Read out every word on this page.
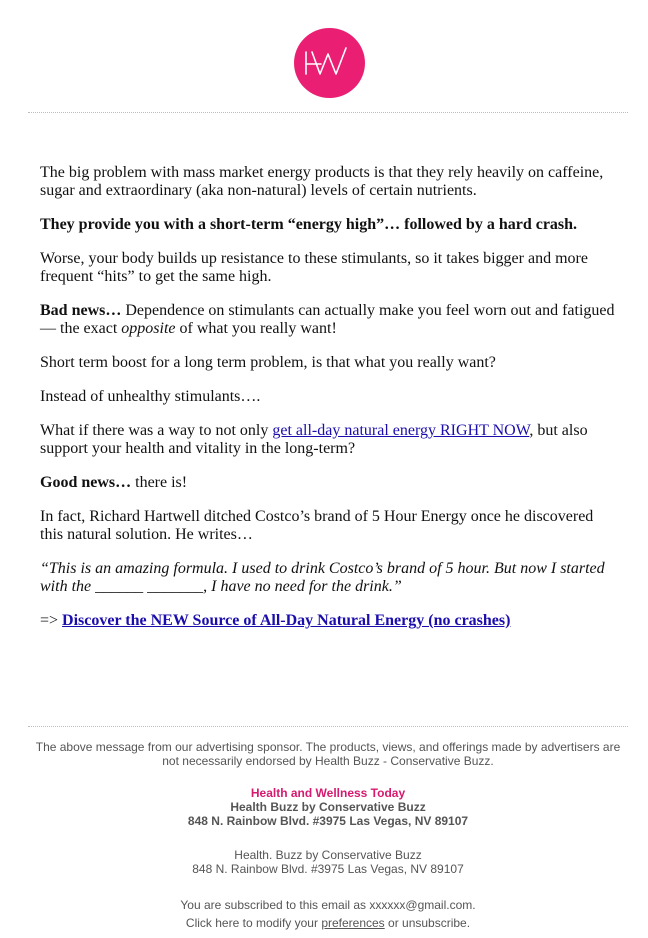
The big problem with mass market energy products is that they rely heavily on caffeine, sugar and extraordinary (aka non-natural) levels of certain nutrients.

They provide you with a short-term “energy high”… followed by a hard crash.

Worse, your body builds up resistance to these stimulants, so it takes bigger and more frequent “hits” to get the same high.

Bad news… Dependence on stimulants can actually make you feel worn out and fatigued — the exact opposite of what you really want!

Short term boost for a long term problem, is that what you really want?

Instead of unhealthy stimulants….

What if there was a way to not only get all-day natural energy RIGHT NOW, but also support your health and vitality in the long-term?

Good news… there is!

In fact, Richard Hartwell ditched Costco’s brand of 5 Hour Energy once he discovered this natural solution. He writes…

“This is an amazing formula. I used to drink Costco’s brand of 5 hour. But now I started with the ______ _______, I have no need for the drink.”

=> Discover the NEW Source of All-Day Natural Energy (no crashes)

The above message from our advertising sponsor. The products, views, and offerings made by advertisers are not necessarily endorsed by Health Buzz - Conservative Buzz.
Health and Wellness Today
Health Buzz by Conservative Buzz
848 N. Rainbow Blvd. #3975 Las Vegas, NV 89107
Health. Buzz by Conservative Buzz
848 N. Rainbow Blvd. #3975 Las Vegas, NV 89107
You are subscribed to this email as xxxxxx@gmail.com.
Click here to modify your preferences or unsubscribe.
